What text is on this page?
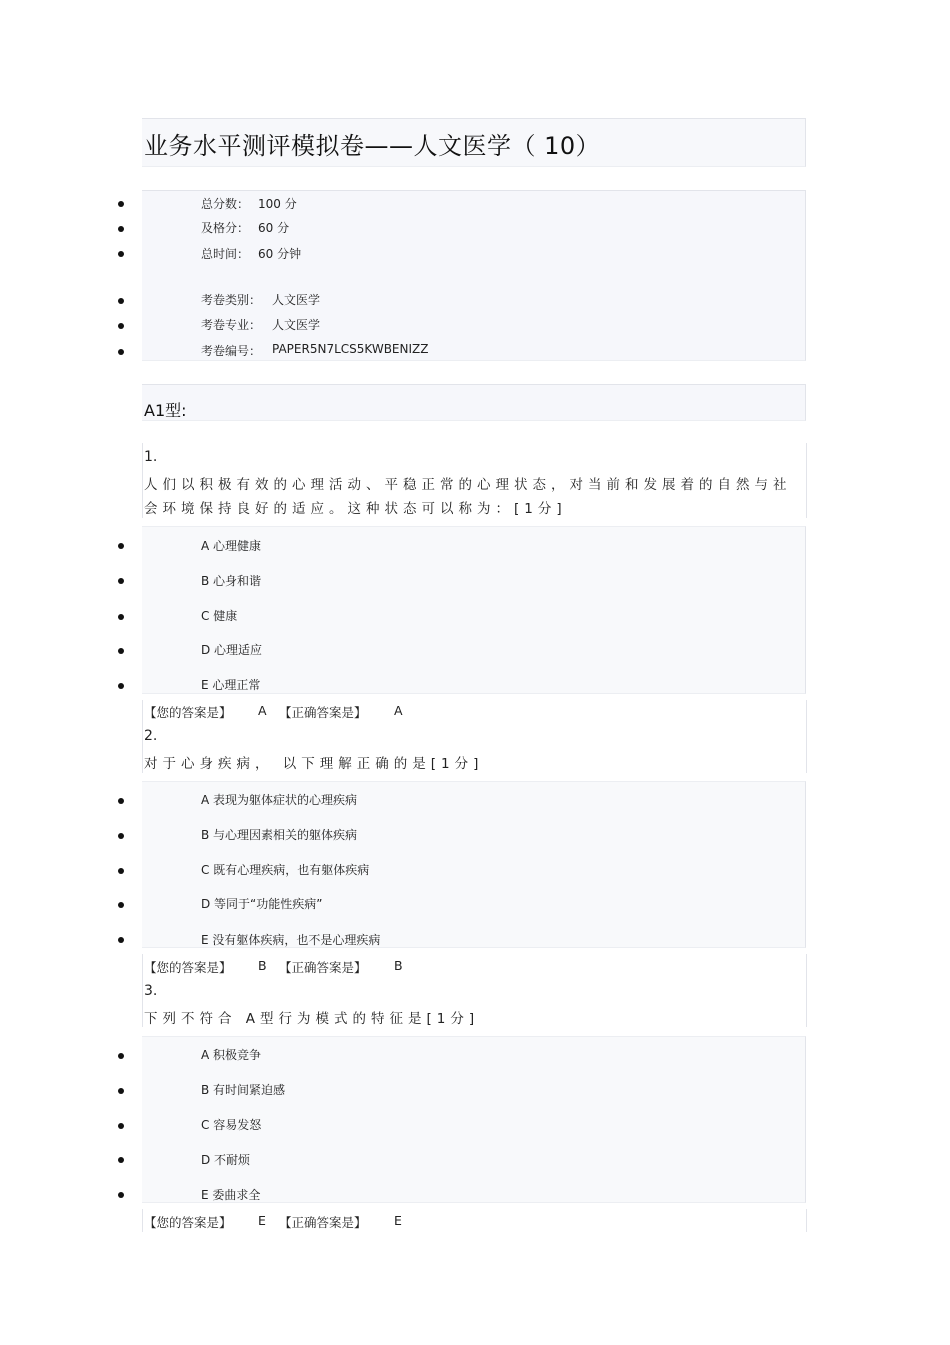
业务水平测评模拟卷——人文医学（ 10）
总分数： 100 分
及格分： 60 分
总时间： 60 分钟
考卷类别： 人文医学
考卷专业： 人文医学
考卷编号： PAPER5N7LCS5KWBENIZZ
A1型:
1.
人们以积极有效的心理活动、平稳正常的心理状态，对当前和发展着的自然与社
会环境保持良好的适应。这种状态可以称为：[1分]
A 心理健康
B 心身和谐
C 健康
D 心理适应
E 心理正常
【您的答案是】 A 【正确答案是】 A
2.
对于心身疾病， 以下理解正确的是[1分]
A 表现为躯体症状的心理疾病
B 与心理因素相关的躯体疾病
C 既有心理疾病，也有躯体疾病
D 等同于“功能性疾病”
E 没有躯体疾病，也不是心理疾病
【您的答案是】 B 【正确答案是】 B
3.
下列不符合 A型行为模式的特征是[1分]
A 积极竞争
B 有时间紧迫感
C 容易发怒
D 不耐烦
E 委曲求全
【您的答案是】 E 【正确答案是】 E
